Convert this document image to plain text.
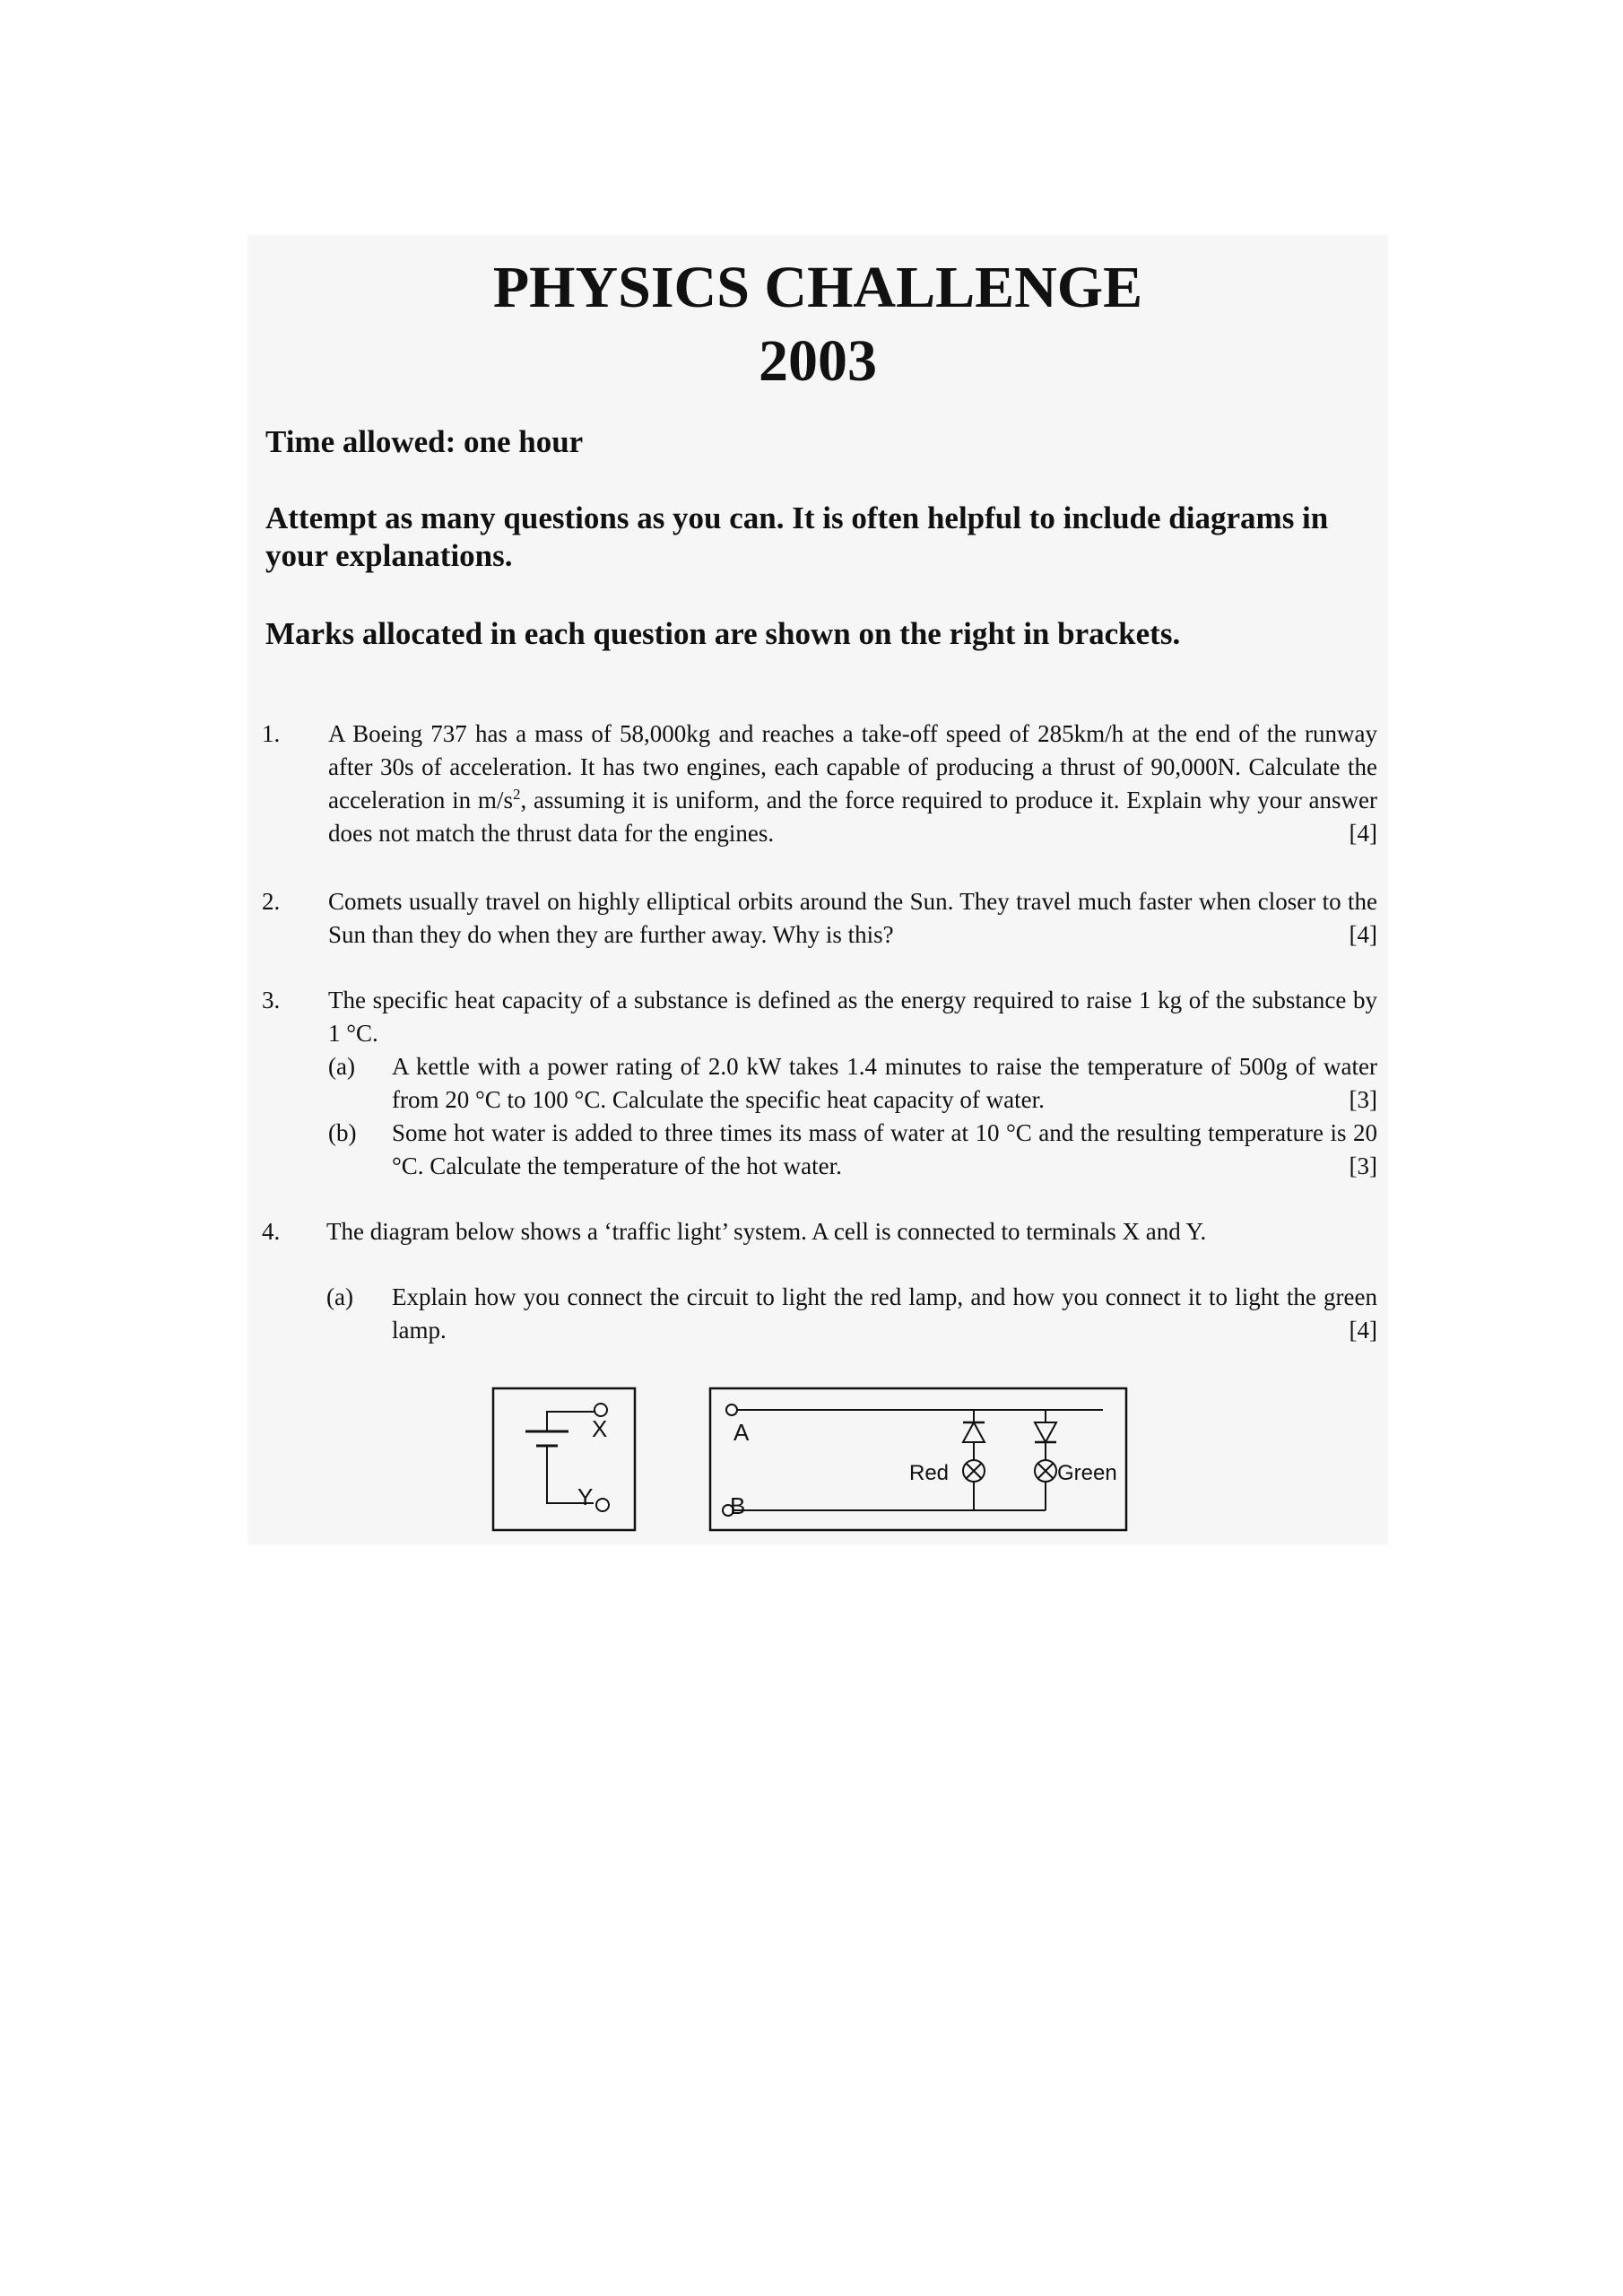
PHYSICS CHALLENGE
2003
Time allowed: one hour
Attempt as many questions as you can. It is often helpful to include diagrams in your explanations.
Marks allocated in each question are shown on the right in brackets.
1. A Boeing 737 has a mass of 58,000kg and reaches a take-off speed of 285km/h at the end of the runway after 30s of acceleration. It has two engines, each capable of producing a thrust of 90,000N. Calculate the acceleration in $m/s^2$, assuming it is uniform, and the force required to produce it. Explain why your answer does not match the thrust data for the engines.	[4]
2. Comets usually travel on highly elliptical orbits around the Sun. They travel much faster when closer to the Sun than they do when they are further away. Why is this?	[4]
3. The specific heat capacity of a substance is defined as the energy required to raise 1 kg of the substance by 1 °C.
(a) A kettle with a power rating of 2.0 kW takes 1.4 minutes to raise the temperature of 500g of water from 20 °C to 100 °C. Calculate the specific heat capacity of water.	[3]
(b) Some hot water is added to three times its mass of water at 10 °C and the resulting temperature is 20 °C. Calculate the temperature of the hot water.	[3]
4. The diagram below shows a ‘traffic light’ system. A cell is connected to terminals X and Y.
(a) Explain how you connect the circuit to light the red lamp, and how you connect it to light the green lamp.	[4]
X
Y
A
B
Red	Green
